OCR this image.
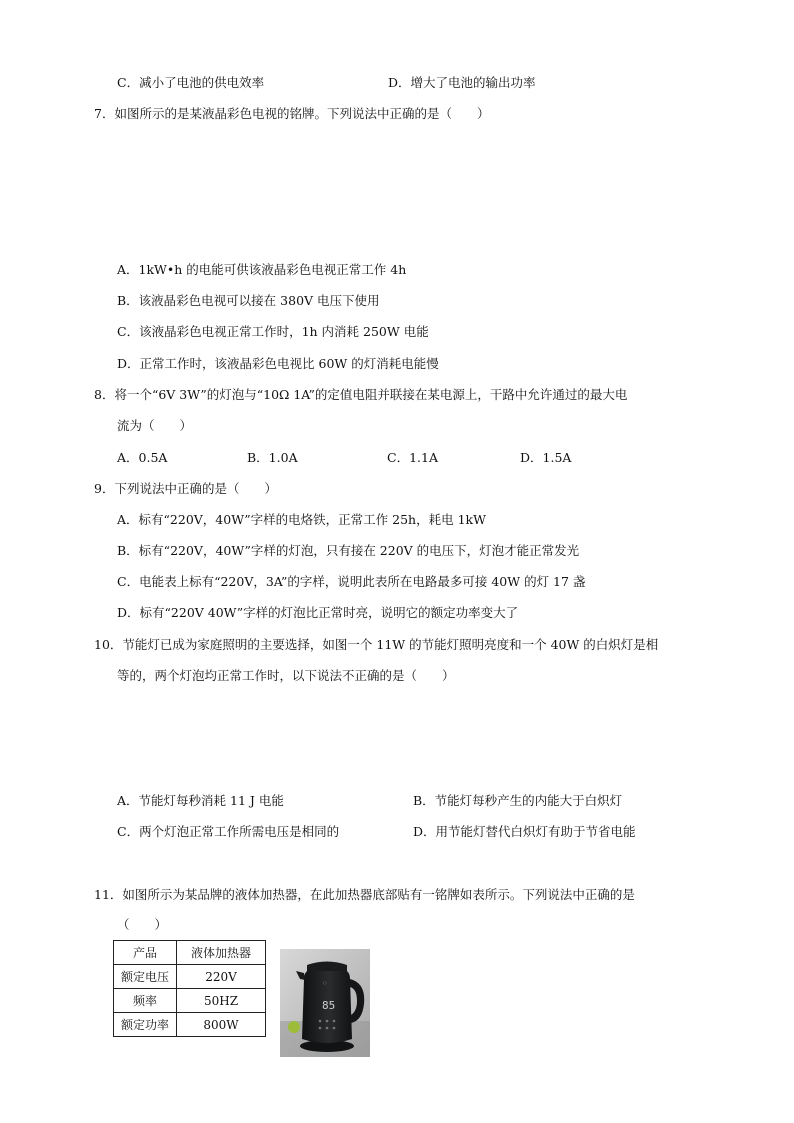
C．减小了电池的供电效率	D．增大了电池的输出功率
7．如图所示的是某液晶彩色电视的铭牌。下列说法中正确的是（　　）
A．1kW•h 的电能可供该液晶彩色电视正常工作 4h
B．该液晶彩色电视可以接在 380V 电压下使用
C．该液晶彩色电视正常工作时，1h 内消耗 250W 电能
D．正常工作时，该液晶彩色电视比 60W 的灯消耗电能慢
8．将一个“6V 3W”的灯泡与“10Ω 1A”的定值电阻并联接在某电源上，干路中允许通过的最大电
流为（　　）
A．0.5A	B．1.0A	C．1.1A	D．1.5A
9．下列说法中正确的是（　　）
A．标有“220V，40W”字样的电烙铁，正常工作 25h，耗电 1kW
B．标有“220V，40W”字样的灯泡，只有接在 220V 的电压下，灯泡才能正常发光
C．电能表上标有“220V，3A”的字样，说明此表所在电路最多可接 40W 的灯 17 盏
D．标有“220V 40W”字样的灯泡比正常时亮，说明它的额定功率变大了
10．节能灯已成为家庭照明的主要选择，如图一个 11W 的节能灯照明亮度和一个 40W 的白炽灯是相
等的，两个灯泡均正常工作时，以下说法不正确的是（　　）
A．节能灯每秒消耗 11 J 电能	B．节能灯每秒产生的内能大于白炽灯
C．两个灯泡正常工作所需电压是相同的	D．用节能灯替代白炽灯有助于节省电能
11．如图所示为某品牌的液体加热器，在此加热器底部贴有一铭牌如表所示。下列说法中正确的是
（　　）
产品	液体加热器
额定电压	220V
频率	50HZ
额定功率	800W
85
○
